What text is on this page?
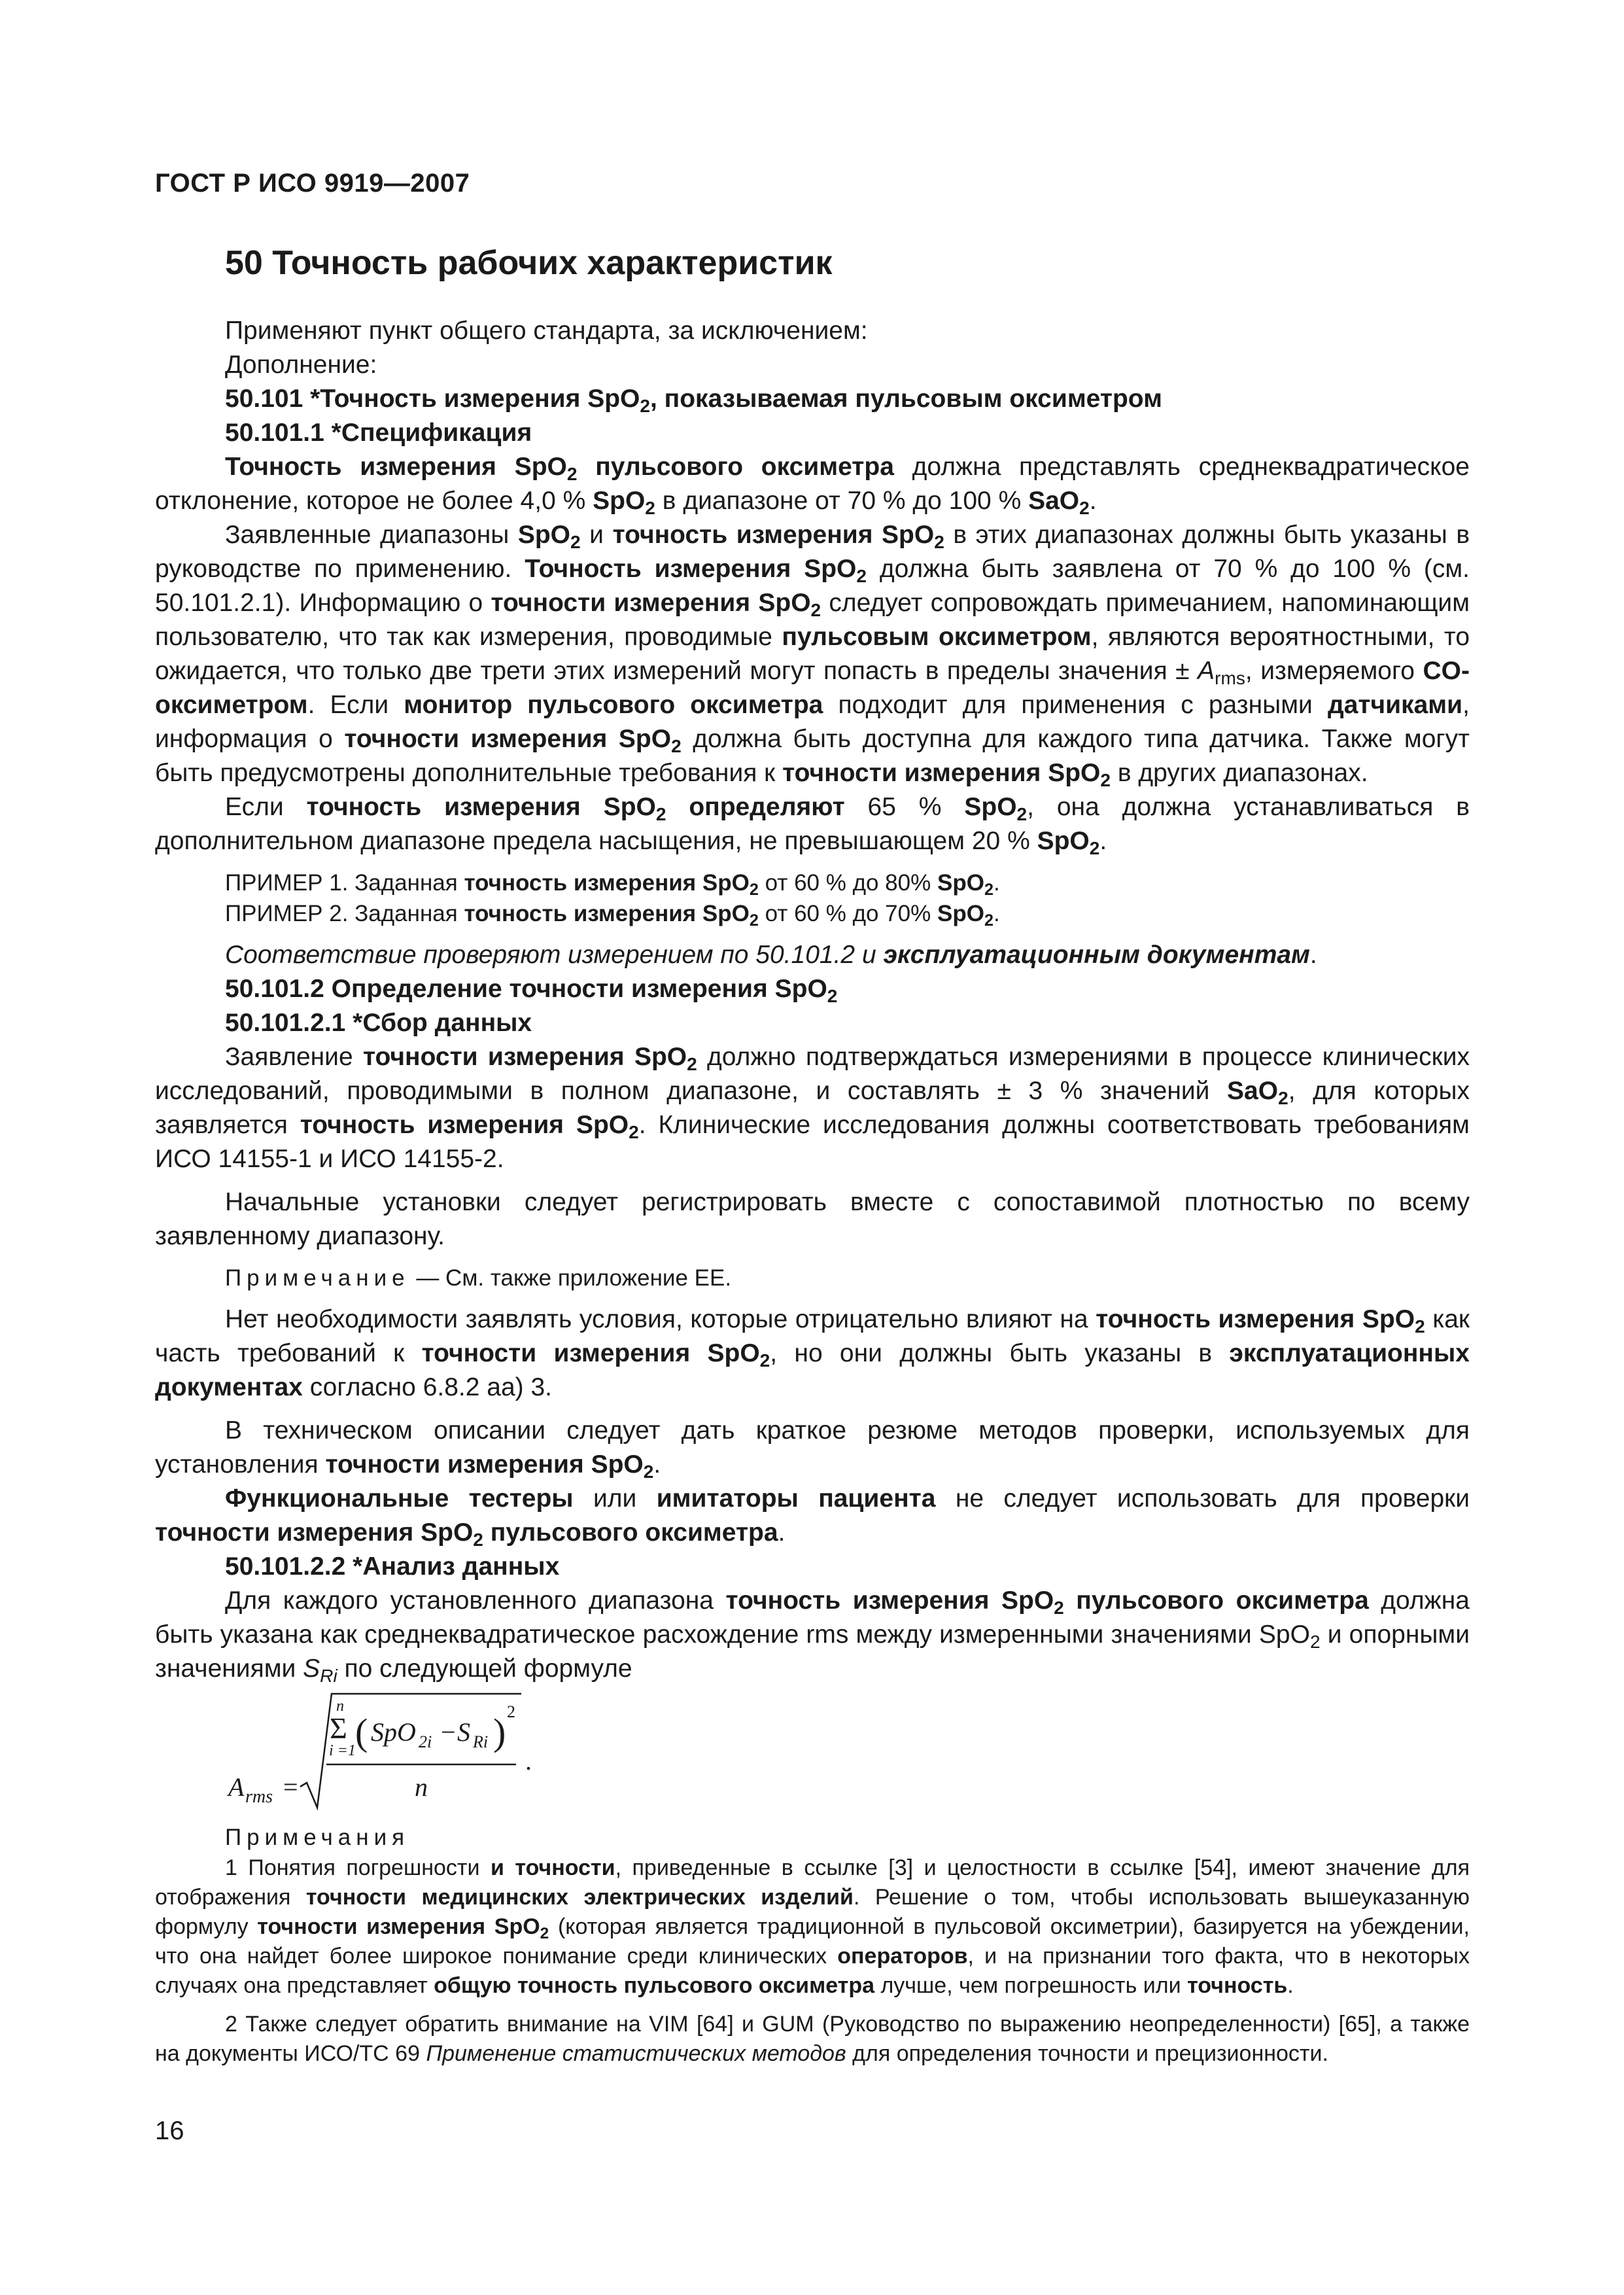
ГОСТ Р ИСО 9919—2007
50 Точность рабочих характеристик

Применяют пункт общего стандарта, за исключением:

Дополнение:

50.101 *Точность измерения SpO$_2$, показываемая пульсовым оксиметром

50.101.1 *Спецификация

Точность измерения SpO$_2$ пульсового оксиметра должна представлять среднеквадратическое отклонение, которое не более 4,0 % SpO$_2$ в диапазоне от 70 % до 100 % SaO$_2$.

Заявленные диапазоны SpO$_2$ и точность измерения SpO$_2$ в этих диапазонах должны быть указаны в руководстве по применению. Точность измерения SpO$_2$ должна быть заявлена от 70 % до 100 % (см. 50.101.2.1). Информацию о точности измерения SpO$_2$ следует сопровождать примечанием, напоминающим пользователю, что так как измерения, проводимые пульсовым оксиметром, являются вероятностными, то ожидается, что только две трети этих измерений могут попасть в пределы значения ± $A_{rms}$, измеряемого CO-оксиметром. Если монитор пульсового оксиметра подходит для применения с разными датчиками, информация о точности измерения SpO$_2$ должна быть доступна для каждого типа датчика. Также могут быть предусмотрены дополнительные требования к точности измерения SpO$_2$ в других диапазонах.

Если точность измерения SpO$_2$ определяют 65 % SpO$_2$, она должна устанавливаться в дополнительном диапазоне предела насыщения, не превышающем 20 % SpO$_2$.

ПРИМЕР 1. Заданная точность измерения SpO$_2$ от 60 % до 80% SpO$_2$.

ПРИМЕР 2. Заданная точность измерения SpO$_2$ от 60 % до 70% SpO$_2$.

Соответствие проверяют измерением по 50.101.2 и эксплуатационным документам.

50.101.2 Определение точности измерения SpO$_2$

50.101.2.1 *Сбор данных

Заявление точности измерения SpO$_2$ должно подтверждаться измерениями в процессе клинических исследований, проводимыми в полном диапазоне, и составлять ± 3 % значений SaO$_2$, для которых заявляется точность измерения SpO$_2$. Клинические исследования должны соответствовать требованиям ИСО 14155-1 и ИСО 14155-2.

Начальные установки следует регистрировать вместе с сопоставимой плотностью по всему заявленному диапазону.

Примечание — См. также приложение ЕЕ.

Нет необходимости заявлять условия, которые отрицательно влияют на точность измерения SpO$_2$ как часть требований к точности измерения SpO$_2$, но они должны быть указаны в эксплуатационных документах согласно 6.8.2 аа) 3.

В техническом описании следует дать краткое резюме методов проверки, используемых для установления точности измерения SpO$_2$.

Функциональные тестеры или имитаторы пациента не следует использовать для проверки точности измерения SpO$_2$ пульсового оксиметра.

50.101.2.2 *Анализ данных

Для каждого установленного диапазона точность измерения SpO$_2$ пульсового оксиметра должна быть указана как среднеквадратическое расхождение rms между измеренными значениями SpO$_2$ и опорными значениями $S_{Ri}$ по следующей формуле

A rms =
n
Σ
i =1 ( SpO 2i − S Ri ) 2
n
.

Примечания

1 Понятия погрешности и точности, приведенные в ссылке [3] и целостности в ссылке [54], имеют значение для отображения точности медицинских электрических изделий. Решение о том, чтобы использовать вышеуказанную формулу точности измерения SpO$_2$ (которая является традиционной в пульсовой оксиметрии), базируется на убеждении, что она найдет более широкое понимание среди клинических операторов, и на признании того факта, что в некоторых случаях она представляет общую точность пульсового оксиметра лучше, чем погрешность или точность.

2 Также следует обратить внимание на VIM [64] и GUM (Руководство по выражению неопределенности) [65], а также на документы ИСО/ТС 69 Применение статистических методов для определения точности и прецизионности.

16
